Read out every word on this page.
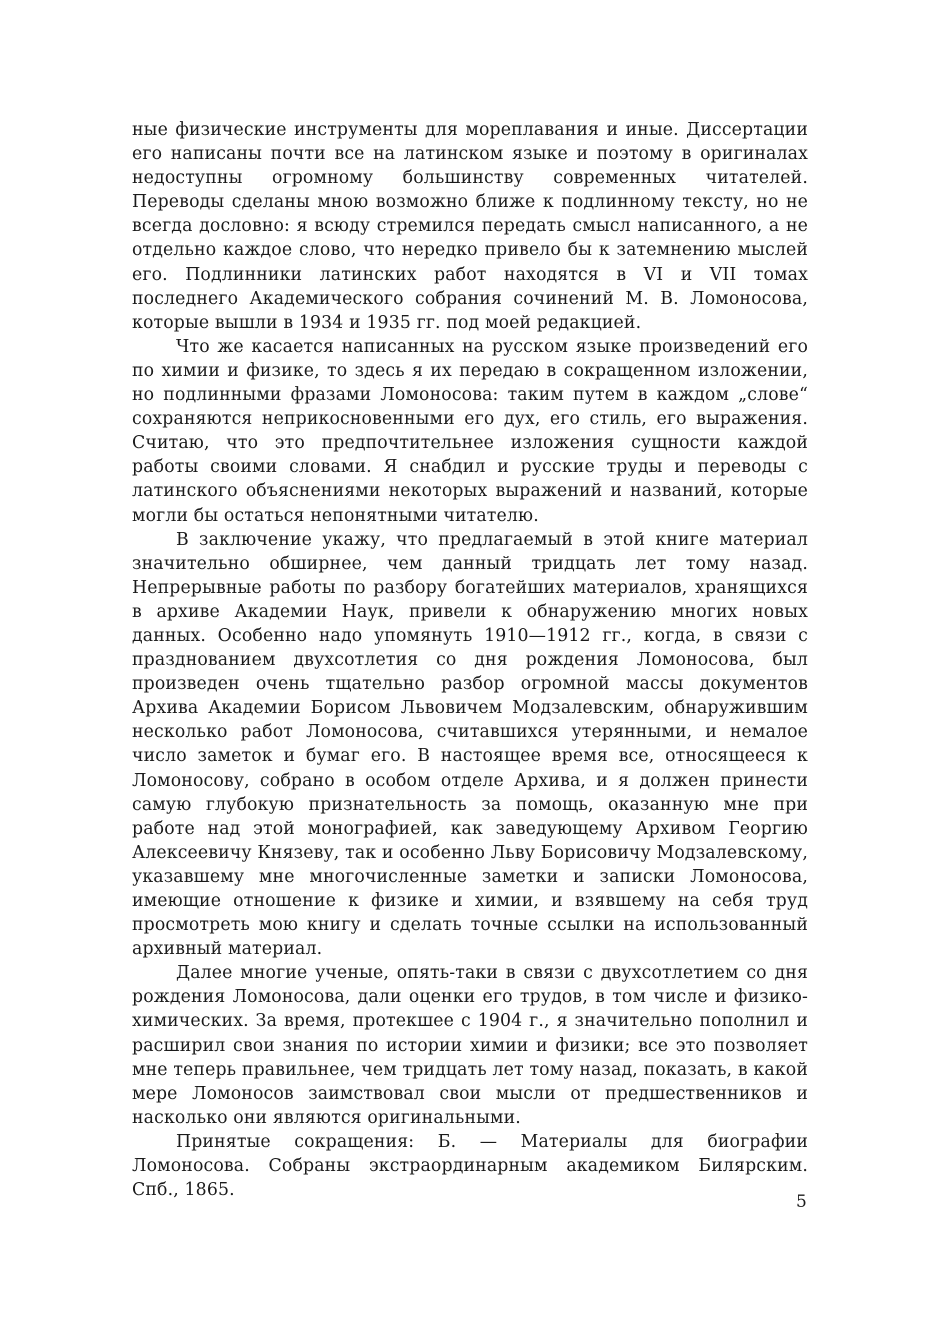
ные физические инструменты для мореплавания и иные. Диссертации его написаны почти все на латинском языке и поэтому в оригиналах недоступны огромному большинству современных читателей. Переводы сделаны мною возможно ближе к подлинному тексту, но не всегда дословно: я всюду стремился передать смысл написанного, а не отдельно каждое слово, что нередко привело бы к затемнению мыслей его. Подлинники латинских работ находятся в VI и VII томах последнего Академического собрания сочинений М. В. Ломоносова, которые вышли в 1934 и 1935 гг. под моей редакцией.

Что же касается написанных на русском языке произведений его по химии и физике, то здесь я их передаю в сокращенном изложении, но подлинными фразами Ломоносова: таким путем в каждом „слове“ сохраняются неприкосновенными его дух, его стиль, его выражения. Считаю, что это предпочтительнее изложения сущности каждой работы своими словами. Я снабдил и русские труды и переводы с латинского объяснениями некоторых выражений и названий, которые могли бы остаться непонятными читателю.

В заключение укажу, что предлагаемый в этой книге материал значительно обширнее, чем данный тридцать лет тому назад. Непрерывные работы по разбору богатейших материалов, хранящихся в архиве Академии Наук, привели к обнаружению многих новых данных. Особенно надо упомянуть 1910—1912 гг., когда, в связи с празднованием двухсотлетия со дня рождения Ломоносова, был произведен очень тщательно разбор огромной массы документов Архива Академии Борисом Львовичем Модзалевским, обнаружившим несколько работ Ломоносова, считавшихся утерянными, и немалое число заметок и бумаг его. В настоящее время все, относящееся к Ломоносову, собрано в особом отделе Архива, и я должен принести самую глубокую признательность за помощь, оказанную мне при работе над этой монографией, как заведующему Архивом Георгию Алексеевичу Князеву, так и особенно Льву Борисовичу Модзалевскому, указавшему мне многочисленные заметки и записки Ломоносова, имеющие отношение к физике и химии, и взявшему на себя труд просмотреть мою книгу и сделать точные ссылки на использованный архивный материал.

Далее многие ученые, опять-таки в связи с двухсотлетием со дня рождения Ломоносова, дали оценки его трудов, в том числе и физико-химических. За время, протекшее с 1904 г., я значительно пополнил и расширил свои знания по истории химии и физики; все это позволяет мне теперь правильнее, чем тридцать лет тому назад, показать, в какой мере Ломоносов заимствовал свои мысли от предшественников и насколько они являются оригинальными.

Принятые сокращения: Б. — Материалы для биографии Ломоносова. Собраны экстраординарным академиком Билярским. Спб., 1865.

5
